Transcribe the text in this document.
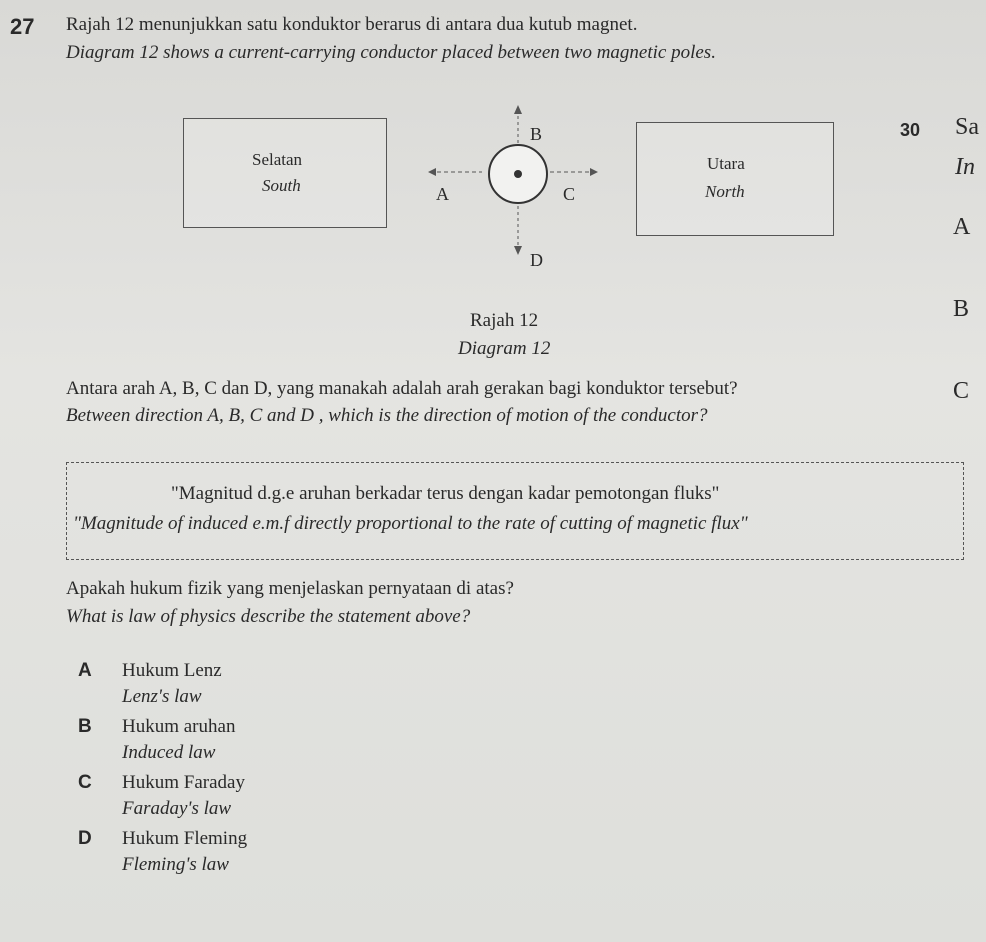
27 Rajah 12 menunjukkan satu konduktor berarus di antara dua kutub magnet.
Diagram 12 shows a current-carrying conductor placed between two magnetic poles.
Selatan
South
Utara
North
B
A	C
D
Rajah 12
Diagram 12
Antara arah A, B, C dan D, yang manakah adalah arah gerakan bagi konduktor tersebut?
Between direction A, B, C and D , which is the direction of motion of the conductor?
"Magnitud d.g.e aruhan berkadar terus dengan kadar pemotongan fluks"
"Magnitude of induced e.m.f directly proportional to the rate of cutting of magnetic flux"
Apakah hukum fizik yang menjelaskan pernyataan di atas?
What is law of physics describe the statement above?
A Hukum Lenz
Lenz's law
B Hukum aruhan
Induced law
C Hukum Faraday
Faraday's law
D Hukum Fleming
Fleming's law
30 Sa
In
A
B
C
